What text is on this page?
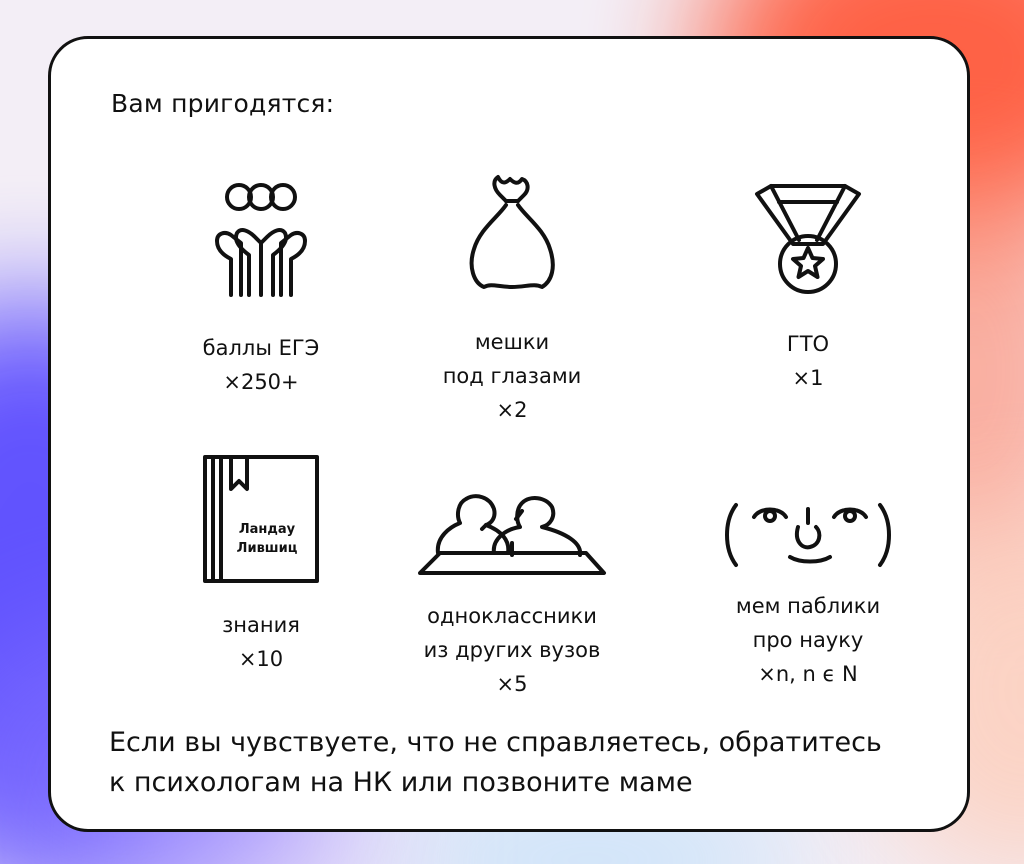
Вам пригодятся:
баллы ЕГЭ
×250+
мешки
под глазами
×2
ГТО
×1
Ландау
Лившиц
знания
×10
одноклассники
из других вузов
×5
мем паблики
про науку
×n, n ϵ N
Если вы чувствуете, что не справляетесь, обратитесь
к психологам на НК или позвоните маме
